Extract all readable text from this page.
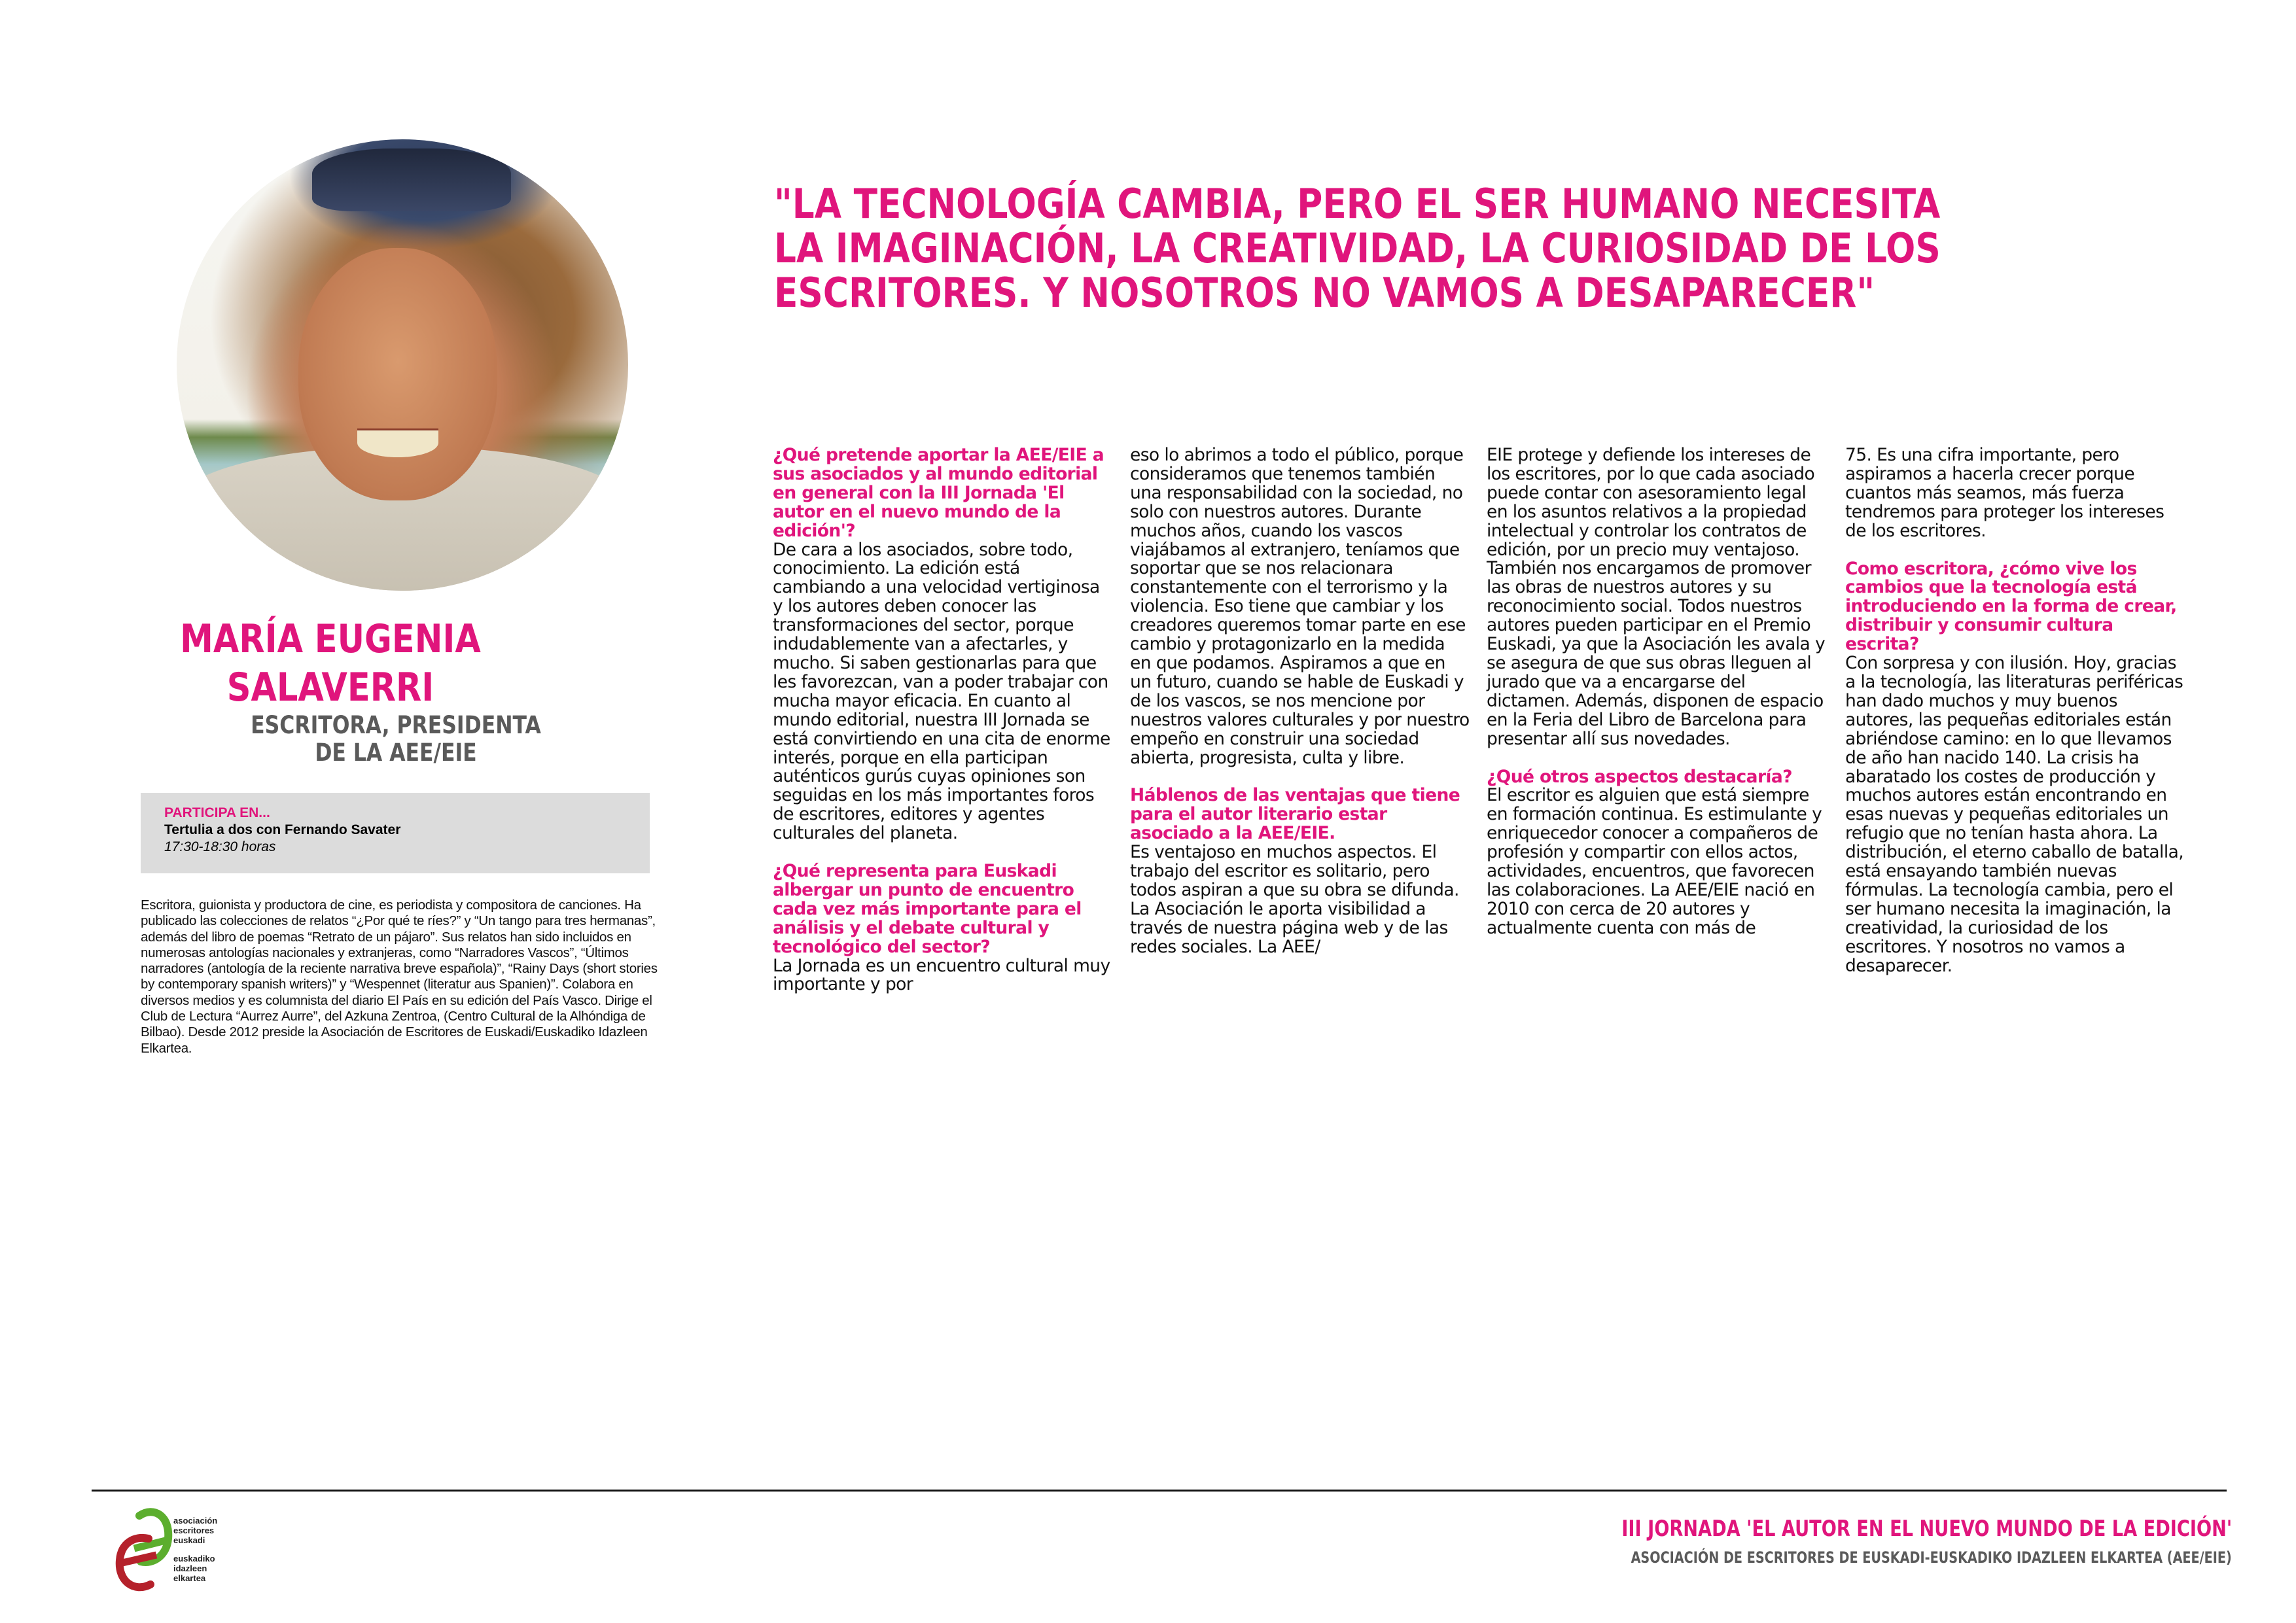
MARÍA EUGENIA
SALAVERRI
ESCRITORA, PRESIDENTA
DE LA AEE/EIE
PARTICIPA EN...
Tertulia a dos con Fernando Savater
17:30-18:30 horas
Escritora, guionista y productora de cine, es periodista y compositora de canciones. Ha publicado las colecciones de relatos “¿Por qué te ríes?” y “Un tango para tres hermanas”, además del libro de poemas “Retrato de un pájaro”. Sus relatos han sido incluidos en numerosas antologías nacionales y extranjeras, como “Narradores Vascos”, “Últimos narradores (antología de la reciente narrativa breve española)”, “Rainy Days (short stories by contemporary spanish writers)” y “Wespennet (literatur aus Spanien)”. Colabora en diversos medios y es columnista del diario El País en su edición del País Vasco. Dirige el Club de Lectura “Aurrez Aurre”, del Azkuna Zentroa, (Centro Cultural de la Alhóndiga de Bilbao). Desde 2012 preside la Asociación de Escritores de Euskadi/Euskadiko Idazleen Elkartea.
"LA TECNOLOGÍA CAMBIA, PERO EL SER HUMANO NECESITA
LA IMAGINACIÓN, LA CREATIVIDAD, LA CURIOSIDAD DE LOS
ESCRITORES. Y NOSOTROS NO VAMOS A DESAPARECER"

¿Qué pretende aportar la AEE/EIE a sus asociados y al mundo editorial en general con la III Jornada 'El autor en el nuevo mundo de la edición'?

De cara a los asociados, sobre todo, conocimiento. La edición está cambiando a una velocidad vertiginosa y los autores deben conocer las transformaciones del sector, porque indudablemente van a afectarles, y mucho. Si saben gestionarlas para que les favorezcan, van a poder trabajar con mucha mayor eficacia. En cuanto al mundo editorial, nuestra III Jornada se está convirtiendo en una cita de enorme interés, porque en ella participan auténticos gurús cuyas opiniones son seguidas en los más importantes foros de escritores, editores y agentes culturales del planeta.

¿Qué representa para Euskadi albergar un punto de encuentro cada vez más importante para el análisis y el debate cultural y tecnológico del sector?

La Jornada es un encuentro cultural muy importante y por

eso lo abrimos a todo el público, porque consideramos que tenemos también una responsabilidad con la sociedad, no solo con nuestros autores. Durante muchos años, cuando los vascos viajábamos al extranjero, teníamos que soportar que se nos relacionara constantemente con el terrorismo y la violencia. Eso tiene que cambiar y los creadores queremos tomar parte en ese cambio y protagonizarlo en la medida en que podamos. Aspiramos a que en un futuro, cuando se hable de Euskadi y de los vascos, se nos mencione por nuestros valores culturales y por nuestro empeño en construir una sociedad abierta, progresista, culta y libre.

Háblenos de las ventajas que tiene para el autor literario estar asociado a la AEE/EIE.

Es ventajoso en muchos aspectos. El trabajo del escritor es solitario, pero todos aspiran a que su obra se difunda. La Asociación le aporta visibilidad a través de nuestra página web y de las redes sociales. La AEE/

EIE protege y defiende los intereses de los escritores, por lo que cada asociado puede contar con asesoramiento legal en los asuntos relativos a la propiedad intelectual y controlar los contratos de edición, por un precio muy ventajoso. También nos encargamos de promover las obras de nuestros autores y su reconocimiento social. Todos nuestros autores pueden participar en el Premio Euskadi, ya que la Asociación les avala y se asegura de que sus obras lleguen al jurado que va a encargarse del dictamen. Además, disponen de espacio en la Feria del Libro de Barcelona para presentar allí sus novedades.

¿Qué otros aspectos destacaría?

El escritor es alguien que está siempre en formación continua. Es estimulante y enriquecedor conocer a compañeros de profesión y compartir con ellos actos, actividades, encuentros, que favorecen las colaboraciones. La AEE/EIE nació en 2010 con cerca de 20 autores y actualmente cuenta con más de

75. Es una cifra importante, pero aspiramos a hacerla crecer porque cuantos más seamos, más fuerza tendremos para proteger los intereses de los escritores.

Como escritora, ¿cómo vive los cambios que la tecnología está introduciendo en la forma de crear, distribuir y consumir cultura escrita?

Con sorpresa y con ilusión. Hoy, gracias a la tecnología, las literaturas periféricas han dado muchos y muy buenos autores, las pequeñas editoriales están abriéndose camino: en lo que llevamos de año han nacido 140. La crisis ha abaratado los costes de producción y muchos autores están encontrando en esas nuevas y pequeñas editoriales un refugio que no tenían hasta ahora. La distribución, el eterno caballo de batalla, está ensayando también nuevas fórmulas. La tecnología cambia, pero el ser humano necesita la imaginación, la creatividad, la curiosidad de los escritores. Y nosotros no vamos a desaparecer.

asociación
escritores
euskadi
euskadiko
idazleen
elkartea
III JORNADA 'EL AUTOR EN EL NUEVO MUNDO DE LA EDICIÓN'
ASOCIACIÓN DE ESCRITORES DE EUSKADI-EUSKADIKO IDAZLEEN ELKARTEA (AEE/EIE)
